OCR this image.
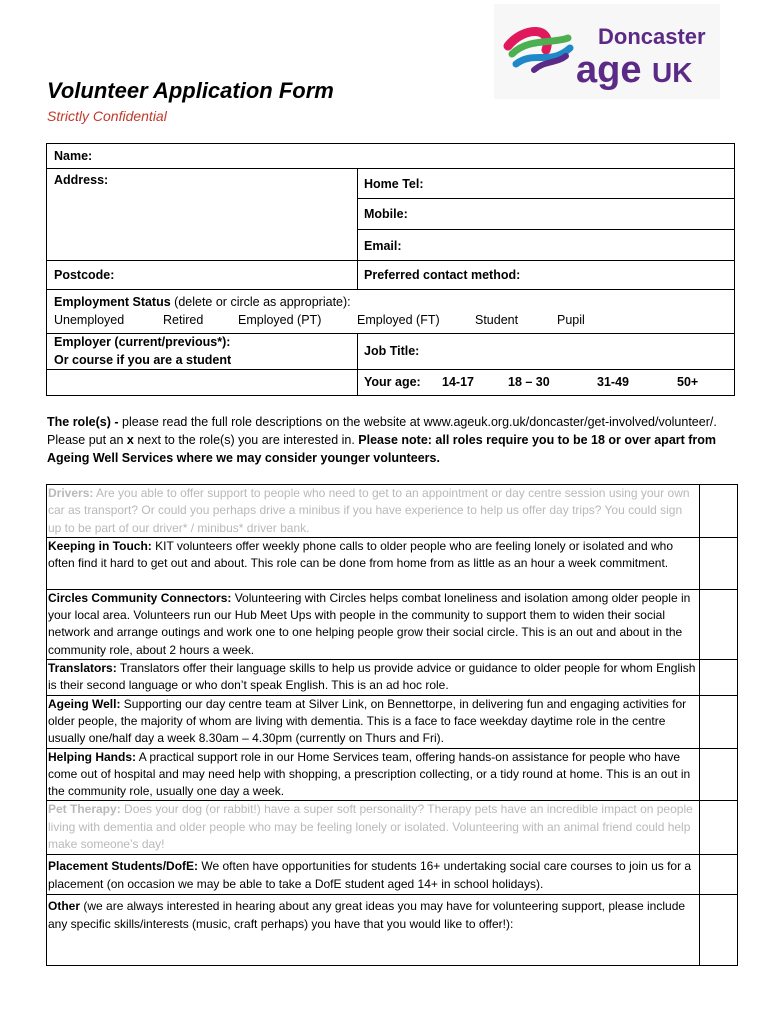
Doncaster
age UK
Volunteer Application Form
Strictly Confidential
Name:
Address:	Home Tel:
Mobile:
Email:
Postcode:	Preferred contact method:
Employment Status (delete or circle as appropriate):
Unemployed	Retired	Employed (PT)	Employed (FT)	Student	Pupil
Employer (current/previous*):
Or course if you are a student
Job Title:
Your age: 14-17	18 – 30	31-49	50+
The role(s) - please read the full role descriptions on the website at www.ageuk.org.uk/doncaster/get-involved/volunteer/. Please put an x next to the role(s) you are interested in. Please note: all roles require you to be 18 or over apart from Ageing Well Services where we may consider younger volunteers.
Drivers: Are you able to offer support to people who need to get to an appointment or day centre session using your own car as transport? Or could you perhaps drive a minibus if you have experience to help us offer day trips? You could sign up to be part of our driver* / minibus* driver bank.	
Keeping in Touch: KIT volunteers offer weekly phone calls to older people who are feeling lonely or isolated and who often find it hard to get out and about. This role can be done from home from as little as an hour a week commitment.	
Circles Community Connectors: Volunteering with Circles helps combat loneliness and isolation among older people in your local area. Volunteers run our Hub Meet Ups with people in the community to support them to widen their social network and arrange outings and work one to one helping people grow their social circle. This is an out and about in the community role, about 2 hours a week.	
Translators: Translators offer their language skills to help us provide advice or guidance to older people for whom English is their second language or who don’t speak English. This is an ad hoc role.	
Ageing Well: Supporting our day centre team at Silver Link, on Bennettorpe, in delivering fun and engaging activities for older people, the majority of whom are living with dementia. This is a face to face weekday daytime role in the centre usually one/half day a week 8.30am – 4.30pm (currently on Thurs and Fri).	
Helping Hands: A practical support role in our Home Services team, offering hands-on assistance for people who have come out of hospital and may need help with shopping, a prescription collecting, or a tidy round at home. This is an out in the community role, usually one day a week.	
Pet Therapy: Does your dog (or rabbit!) have a super soft personality? Therapy pets have an incredible impact on people living with dementia and older people who may be feeling lonely or isolated. Volunteering with an animal friend could help make someone’s day!	
Placement Students/DofE: We often have opportunities for students 16+ undertaking social care courses to join us for a placement (on occasion we may be able to take a DofE student aged 14+ in school holidays).	
Other (we are always interested in hearing about any great ideas you may have for volunteering support, please include any specific skills/interests (music, craft perhaps) you have that you would like to offer!):	
